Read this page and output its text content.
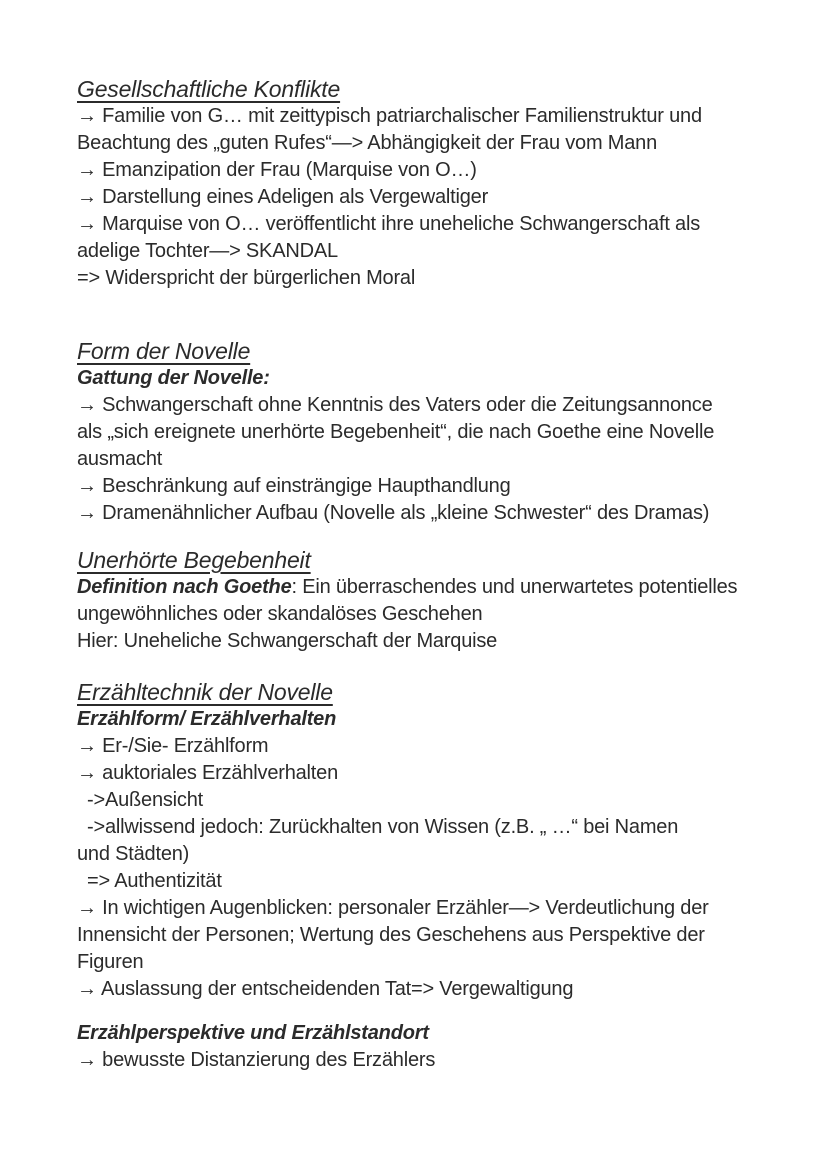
Gesellschaftliche Konflikte
→ Familie von G… mit zeittypisch patriarchalischer Familienstruktur und
Beachtung des „guten Rufes“—> Abhängigkeit der Frau vom Mann
→ Emanzipation der Frau (Marquise von O…)
→ Darstellung eines Adeligen als Vergewaltiger
→ Marquise von O… veröffentlicht ihre uneheliche Schwangerschaft als
adelige Tochter—> SKANDAL
=> Widerspricht der bürgerlichen Moral
Form der Novelle
Gattung der Novelle:
→ Schwangerschaft ohne Kenntnis des Vaters oder die Zeitungsannonce
als „sich ereignete unerhörte Begebenheit“, die nach Goethe eine Novelle
ausmacht
→ Beschränkung auf einsträngige Haupthandlung
→ Dramenähnlicher Aufbau (Novelle als „kleine Schwester“ des Dramas)
Unerhörte Begebenheit
Definition nach Goethe: Ein überraschendes und unerwartetes potentielles
ungewöhnliches oder skandalöses Geschehen
Hier: Uneheliche Schwangerschaft der Marquise
Erzähltechnik der Novelle
Erzählform/ Erzählverhalten
→ Er-/Sie- Erzählform
→ auktoriales Erzählverhalten
->Außensicht
->allwissend jedoch: Zurückhalten von Wissen (z.B. „ …“ bei Namen
und Städten)
=> Authentizität
→ In wichtigen Augenblicken: personaler Erzähler—> Verdeutlichung der
Innensicht der Personen; Wertung des Geschehens aus Perspektive der
Figuren
→ Auslassung der entscheidenden Tat=> Vergewaltigung
Erzählperspektive und Erzählstandort
→ bewusste Distanzierung des Erzählers
